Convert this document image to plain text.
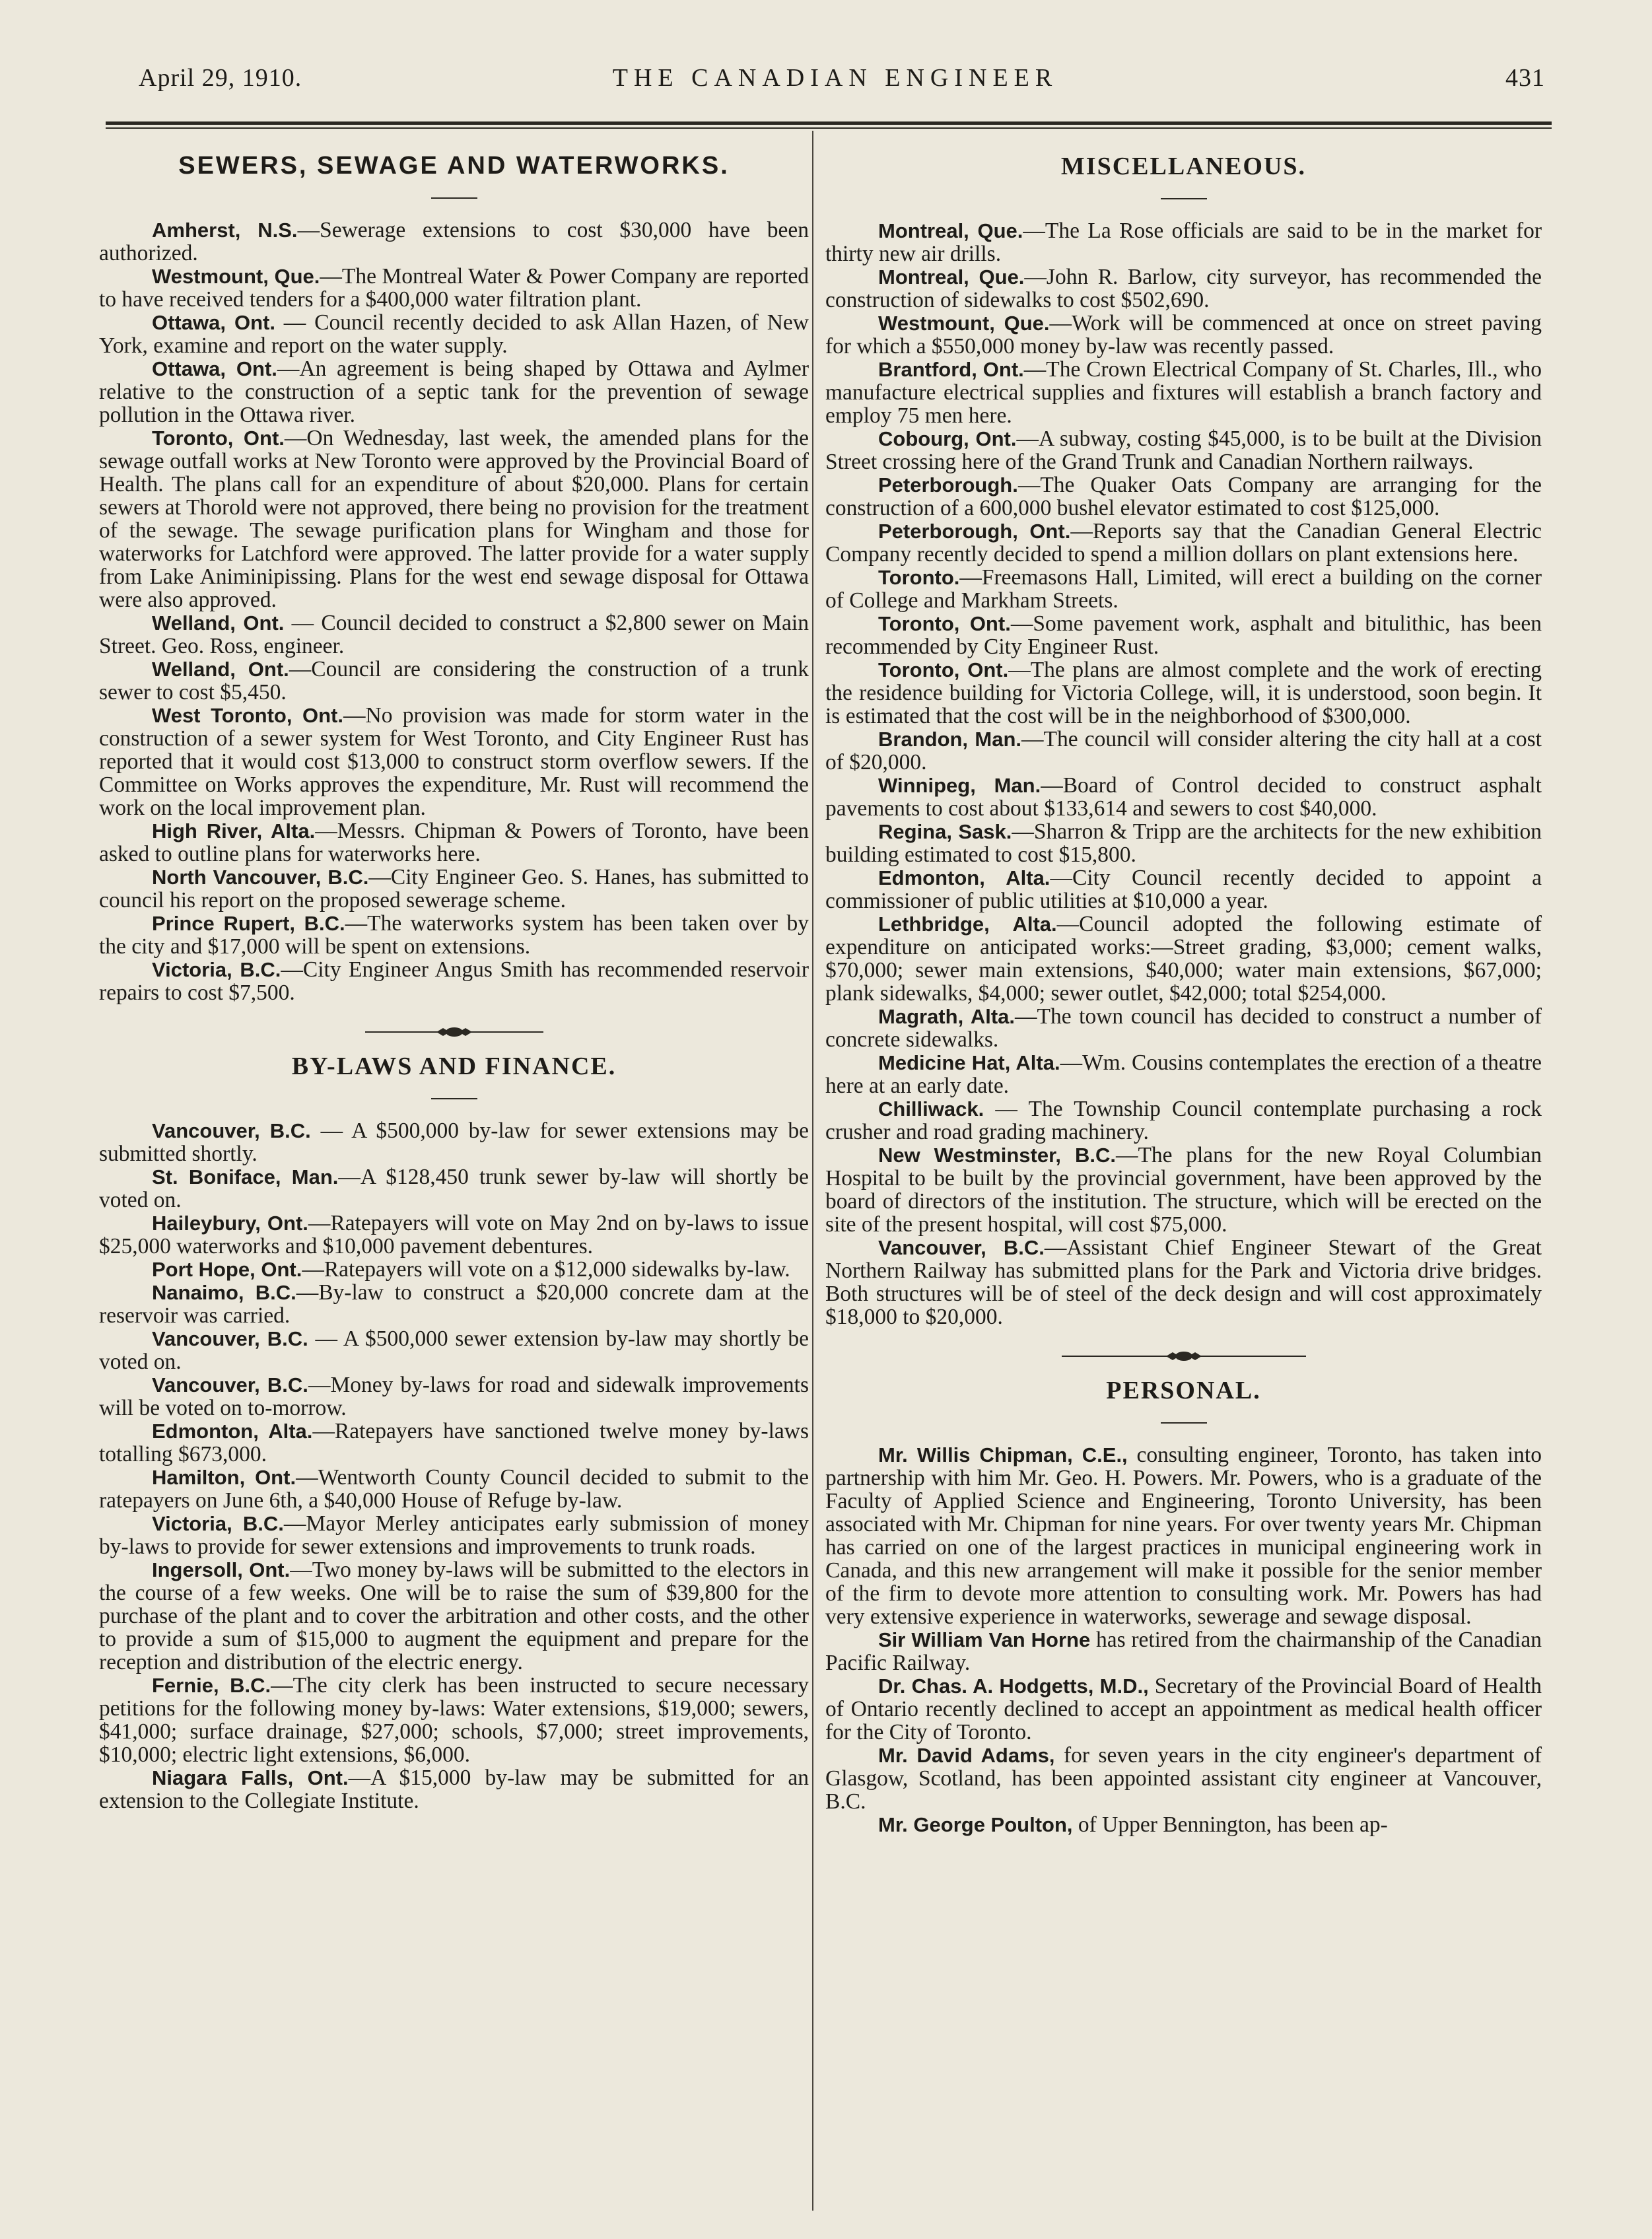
April 29, 1910.	THE CANADIAN ENGINEER	431
SEWERS, SEWAGE AND WATERWORKS.

Amherst, N.S.—Sewerage extensions to cost $30,000 have been authorized.

Westmount, Que.—The Montreal Water & Power Company are reported to have received tenders for a $400,000 water filtration plant.

Ottawa, Ont. — Council recently decided to ask Allan Hazen, of New York, examine and report on the water supply.

Ottawa, Ont.—An agreement is being shaped by Ottawa and Aylmer relative to the construction of a septic tank for the prevention of sewage pollution in the Ottawa river.

Toronto, Ont.—On Wednesday, last week, the amended plans for the sewage outfall works at New Toronto were approved by the Provincial Board of Health. The plans call for an expenditure of about $20,000. Plans for certain sewers at Thorold were not approved, there being no provision for the treatment of the sewage. The sewage purification plans for Wingham and those for waterworks for Latchford were approved. The latter provide for a water supply from Lake Animinipissing. Plans for the west end sewage disposal for Ottawa were also approved.

Welland, Ont. — Council decided to construct a $2,800 sewer on Main Street. Geo. Ross, engineer.

Welland, Ont.—Council are considering the construction of a trunk sewer to cost $5,450.

West Toronto, Ont.—No provision was made for storm water in the construction of a sewer system for West Toronto, and City Engineer Rust has reported that it would cost $13,000 to construct storm overflow sewers. If the Committee on Works approves the expenditure, Mr. Rust will recommend the work on the local improvement plan.

High River, Alta.—Messrs. Chipman & Powers of Toronto, have been asked to outline plans for waterworks here.

North Vancouver, B.C.—City Engineer Geo. S. Hanes, has submitted to council his report on the proposed sewerage scheme.

Prince Rupert, B.C.—The waterworks system has been taken over by the city and $17,000 will be spent on extensions.

Victoria, B.C.—City Engineer Angus Smith has recommended reservoir repairs to cost $7,500.

BY-LAWS AND FINANCE.

Vancouver, B.C. — A $500,000 by-law for sewer extensions may be submitted shortly.

St. Boniface, Man.—A $128,450 trunk sewer by-law will shortly be voted on.

Haileybury, Ont.—Ratepayers will vote on May 2nd on by-laws to issue $25,000 waterworks and $10,000 pavement debentures.

Port Hope, Ont.—Ratepayers will vote on a $12,000 sidewalks by-law.

Nanaimo, B.C.—By-law to construct a $20,000 concrete dam at the reservoir was carried.

Vancouver, B.C. — A $500,000 sewer extension by-law may shortly be voted on.

Vancouver, B.C.—Money by-laws for road and sidewalk improvements will be voted on to-morrow.

Edmonton, Alta.—Ratepayers have sanctioned twelve money by-laws totalling $673,000.

Hamilton, Ont.—Wentworth County Council decided to submit to the ratepayers on June 6th, a $40,000 House of Refuge by-law.

Victoria, B.C.—Mayor Merley anticipates early submission of money by-laws to provide for sewer extensions and improvements to trunk roads.

Ingersoll, Ont.—Two money by-laws will be submitted to the electors in the course of a few weeks. One will be to raise the sum of $39,800 for the purchase of the plant and to cover the arbitration and other costs, and the other to provide a sum of $15,000 to augment the equipment and prepare for the reception and distribution of the electric energy.

Fernie, B.C.—The city clerk has been instructed to secure necessary petitions for the following money by-laws: Water extensions, $19,000; sewers, $41,000; surface drainage, $27,000; schools, $7,000; street improvements, $10,000; electric light extensions, $6,000.

Niagara Falls, Ont.—A $15,000 by-law may be submitted for an extension to the Collegiate Institute.

MISCELLANEOUS.

Montreal, Que.—The La Rose officials are said to be in the market for thirty new air drills.

Montreal, Que.—John R. Barlow, city surveyor, has recommended the construction of sidewalks to cost $502,690.

Westmount, Que.—Work will be commenced at once on street paving for which a $550,000 money by-law was recently passed.

Brantford, Ont.—The Crown Electrical Company of St. Charles, Ill., who manufacture electrical supplies and fixtures will establish a branch factory and employ 75 men here.

Cobourg, Ont.—A subway, costing $45,000, is to be built at the Division Street crossing here of the Grand Trunk and Canadian Northern railways.

Peterborough.—The Quaker Oats Company are arranging for the construction of a 600,000 bushel elevator estimated to cost $125,000.

Peterborough, Ont.—Reports say that the Canadian General Electric Company recently decided to spend a million dollars on plant extensions here.

Toronto.—Freemasons Hall, Limited, will erect a building on the corner of College and Markham Streets.

Toronto, Ont.—Some pavement work, asphalt and bitulithic, has been recommended by City Engineer Rust.

Toronto, Ont.—The plans are almost complete and the work of erecting the residence building for Victoria College, will, it is understood, soon begin. It is estimated that the cost will be in the neighborhood of $300,000.

Brandon, Man.—The council will consider altering the city hall at a cost of $20,000.

Winnipeg, Man.—Board of Control decided to construct asphalt pavements to cost about $133,614 and sewers to cost $40,000.

Regina, Sask.—Sharron & Tripp are the architects for the new exhibition building estimated to cost $15,800.

Edmonton, Alta.—City Council recently decided to appoint a commissioner of public utilities at $10,000 a year.

Lethbridge, Alta.—Council adopted the following estimate of expenditure on anticipated works:—Street grading, $3,000; cement walks, $70,000; sewer main extensions, $40,000; water main extensions, $67,000; plank sidewalks, $4,000; sewer outlet, $42,000; total $254,000.

Magrath, Alta.—The town council has decided to construct a number of concrete sidewalks.

Medicine Hat, Alta.—Wm. Cousins contemplates the erection of a theatre here at an early date.

Chilliwack. — The Township Council contemplate purchasing a rock crusher and road grading machinery.

New Westminster, B.C.—The plans for the new Royal Columbian Hospital to be built by the provincial government, have been approved by the board of directors of the institution. The structure, which will be erected on the site of the present hospital, will cost $75,000.

Vancouver, B.C.—Assistant Chief Engineer Stewart of the Great Northern Railway has submitted plans for the Park and Victoria drive bridges. Both structures will be of steel of the deck design and will cost approximately $18,000 to $20,000.

PERSONAL.

Mr. Willis Chipman, C.E., consulting engineer, Toronto, has taken into partnership with him Mr. Geo. H. Powers. Mr. Powers, who is a graduate of the Faculty of Applied Science and Engineering, Toronto University, has been associated with Mr. Chipman for nine years. For over twenty years Mr. Chipman has carried on one of the largest practices in municipal engineering work in Canada, and this new arrangement will make it possible for the senior member of the firm to devote more attention to consulting work. Mr. Powers has had very extensive experience in waterworks, sewerage and sewage disposal.

Sir William Van Horne has retired from the chairmanship of the Canadian Pacific Railway.

Dr. Chas. A. Hodgetts, M.D., Secretary of the Provincial Board of Health of Ontario recently declined to accept an appointment as medical health officer for the City of Toronto.

Mr. David Adams, for seven years in the city engineer's department of Glasgow, Scotland, has been appointed assistant city engineer at Vancouver, B.C.

Mr. George Poulton, of Upper Bennington, has been ap-
